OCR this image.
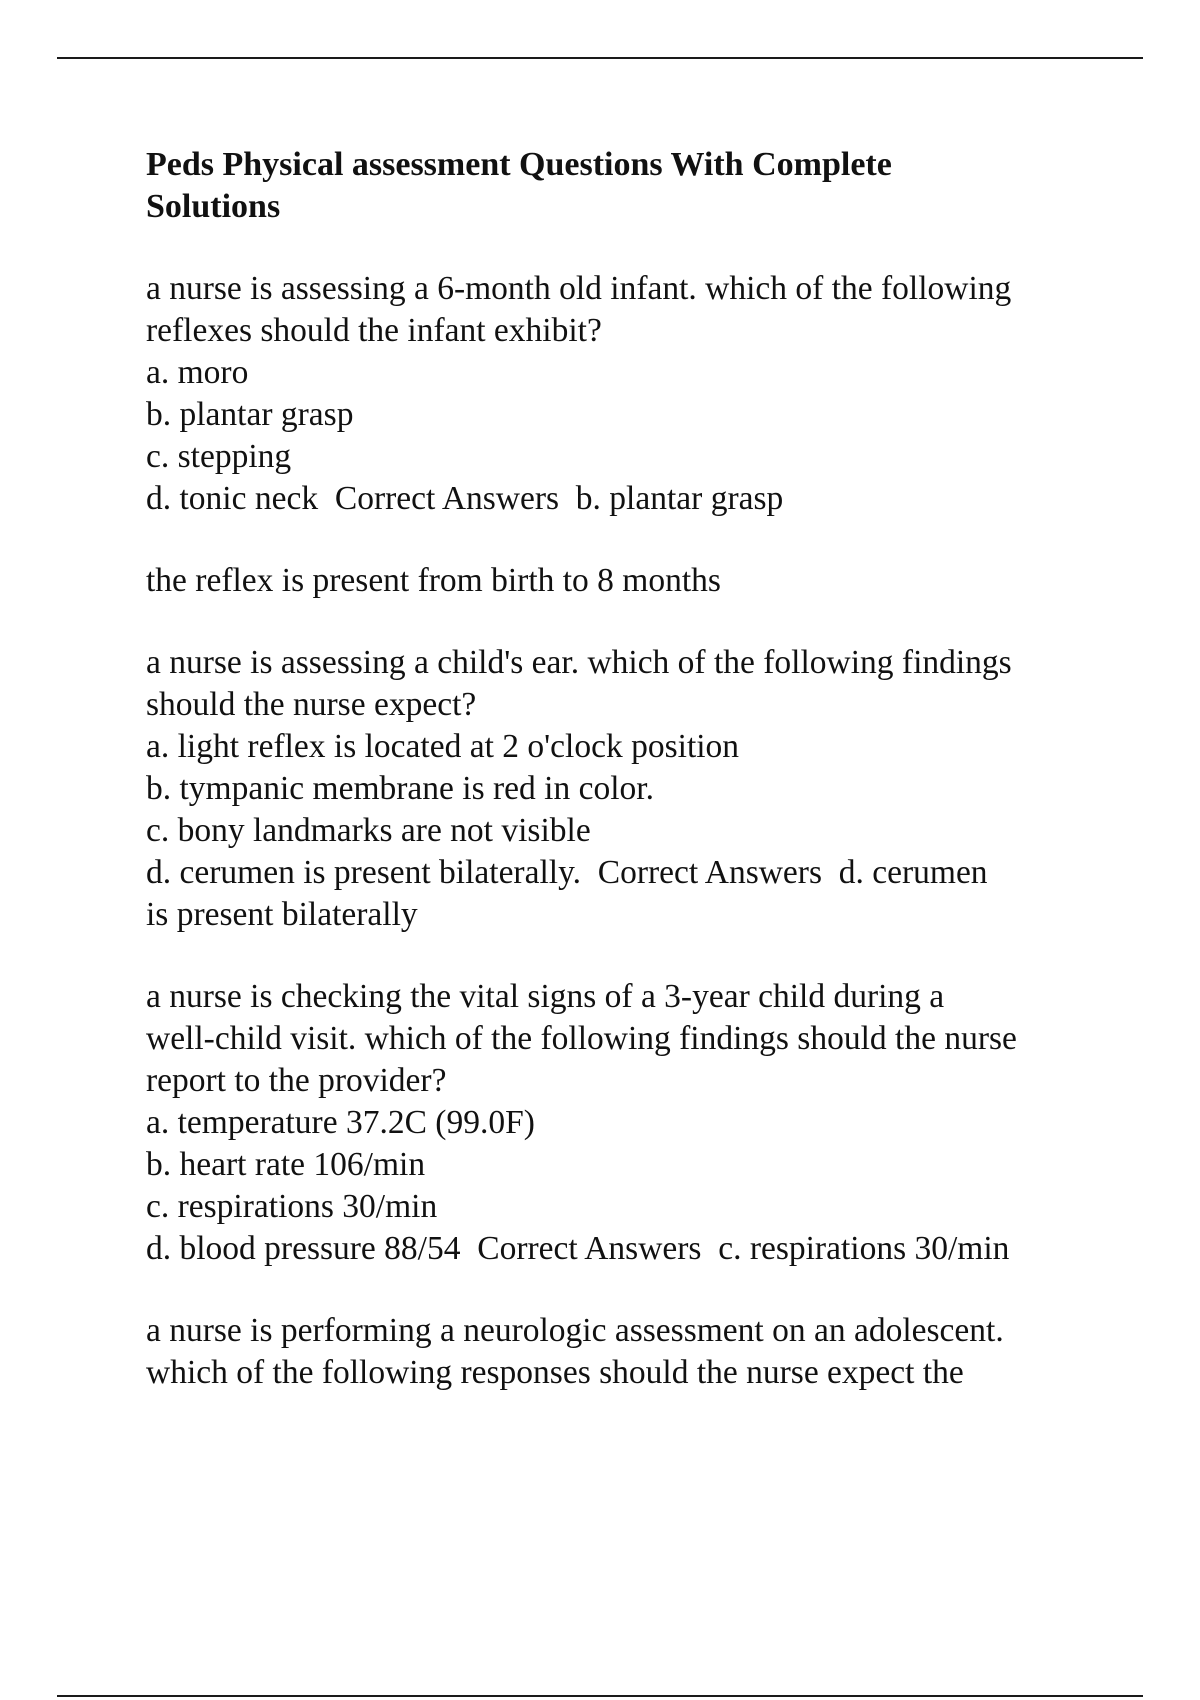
Peds Physical assessment Questions With Complete
Solutions
a nurse is assessing a 6-month old infant. which of the following
reflexes should the infant exhibit?
a. moro
b. plantar grasp
c. stepping
d. tonic neck  Correct Answers  b. plantar grasp
the reflex is present from birth to 8 months
a nurse is assessing a child's ear. which of the following findings
should the nurse expect?
a. light reflex is located at 2 o'clock position
b. tympanic membrane is red in color.
c. bony landmarks are not visible
d. cerumen is present bilaterally.  Correct Answers  d. cerumen
is present bilaterally
a nurse is checking the vital signs of a 3-year child during a
well-child visit. which of the following findings should the nurse
report to the provider?
a. temperature 37.2C (99.0F)
b. heart rate 106/min
c. respirations 30/min
d. blood pressure 88/54  Correct Answers  c. respirations 30/min
a nurse is performing a neurologic assessment on an adolescent.
which of the following responses should the nurse expect the
